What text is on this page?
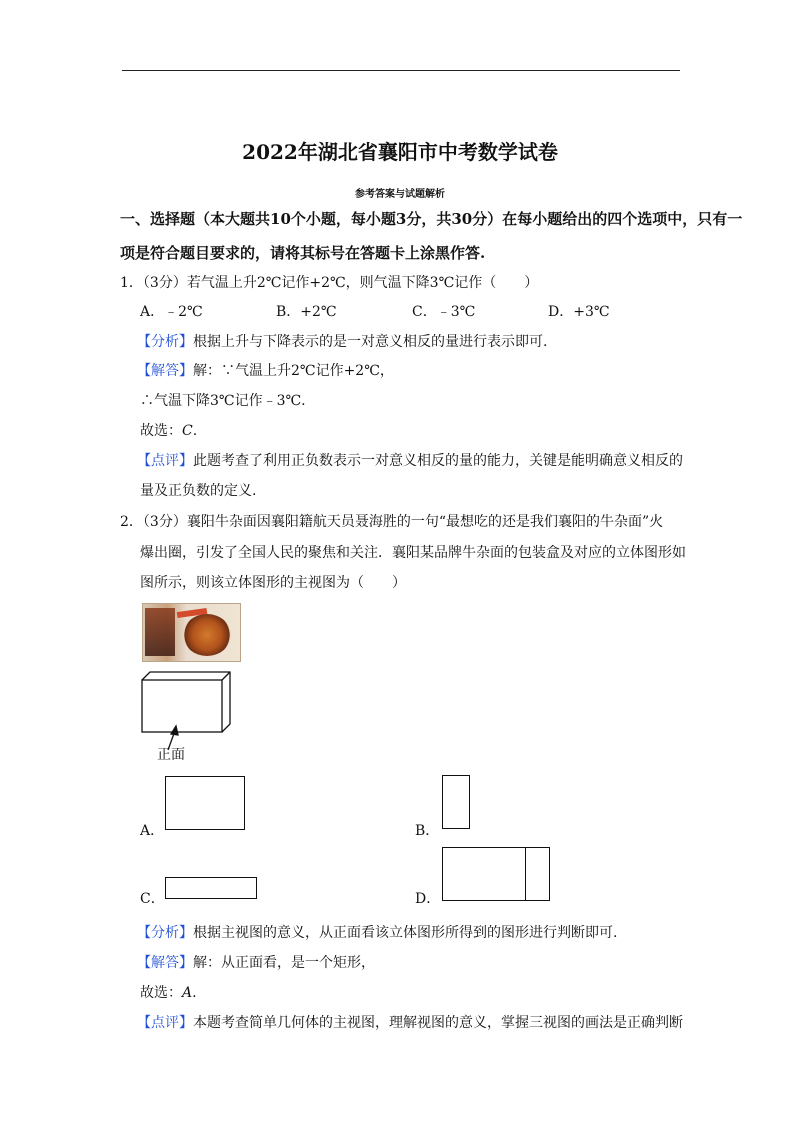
2022年湖北省襄阳市中考数学试卷
参考答案与试题解析
一、选择题（本大题共10个小题，每小题3分，共30分）在每小题给出的四个选项中，只有一
项是符合题目要求的，请将其标号在答题卡上涂黑作答.
1．（3分）若气温上升2℃记作+2℃，则气温下降3℃记作（　　）
A．﹣2℃	B．+2℃	C．﹣3℃	D．+3℃
【分析】根据上升与下降表示的是一对意义相反的量进行表示即可.
【解答】解：∵气温上升2℃记作+2℃，
∴气温下降3℃记作﹣3℃.
故选：C.
【点评】此题考查了利用正负数表示一对意义相反的量的能力，关键是能明确意义相反的
量及正负数的定义.
2．（3分）襄阳牛杂面因襄阳籍航天员聂海胜的一句“最想吃的还是我们襄阳的牛杂面”火
爆出圈，引发了全国人民的聚焦和关注．襄阳某品牌牛杂面的包装盒及对应的立体图形如
图所示，则该立体图形的主视图为（　　）
正面
A．	B．
C．	D．
【分析】根据主视图的意义，从正面看该立体图形所得到的图形进行判断即可.
【解答】解：从正面看，是一个矩形，
故选：A.
【点评】本题考查简单几何体的主视图，理解视图的意义，掌握三视图的画法是正确判断
